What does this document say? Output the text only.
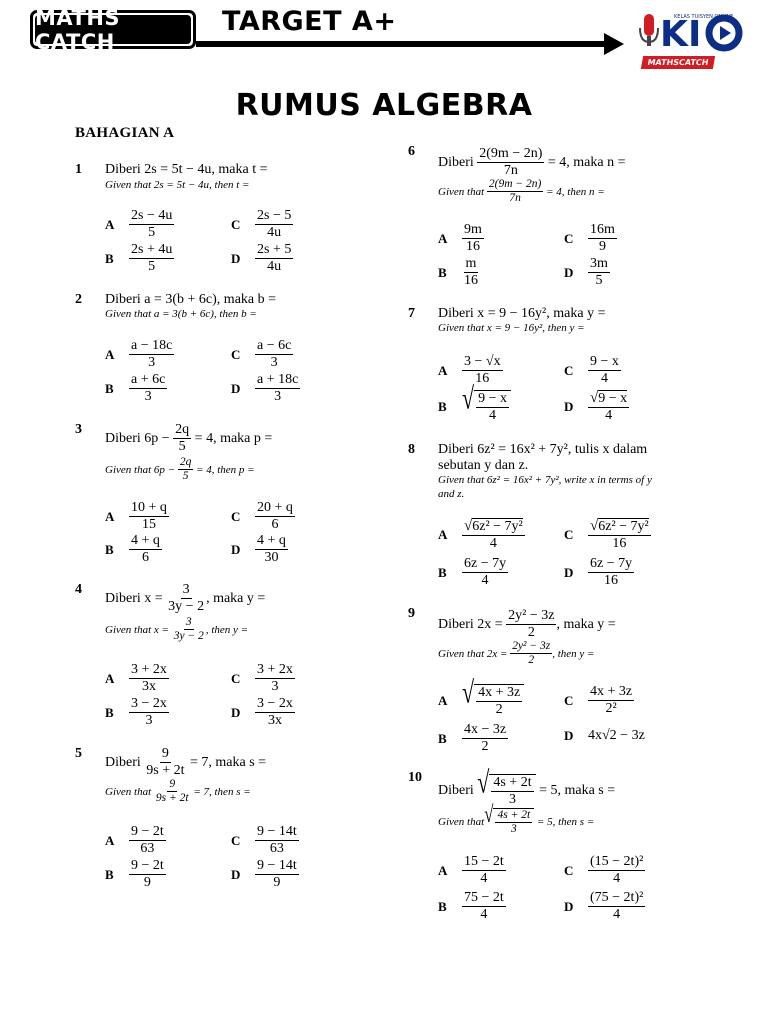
MATHS CATCH
TARGET A+	K I
KELAS TUISYEN ONLINE
MATHSCATCH
RUMUS ALGEBRA
BAHAGIAN A
1 Diberi 2s = 5t − 4u, maka t =
Given that 2s = 5t − 4u, then t =
A	$\frac{2s - 4u}{5}$
B	$\frac{2s + 4u}{5}$
C	$\frac{2s - 5}{4u}$
D	$\frac{2s + 5}{4u}$
2 Diberi a = 3(b + 6c), maka b =
Given that a = 3(b + 6c), then b =
A	$\frac{a - 18c}{3}$
B	$\frac{a + 6c}{3}$
C	$\frac{a - 6c}{3}$
D	$\frac{a + 18c}{3}$
3
Diberi 6p −
$\frac{2q}{5}$
= 4, maka p =
Given that 6p −
$\frac{2q}{5}$
= 4, then p =
A	$\frac{10 + q}{15}$
B	$\frac{4 + q}{6}$
C	$\frac{20 + q}{6}$
D	$\frac{4 + q}{30}$
4
Diberi x =
$\frac{3}{3y - 2}$ , maka y =
Given that x =
$\frac{3}{3y - 2}$ , then y =
A	$\frac{3 + 2x}{3x}$
B	$\frac{3 - 2x}{3}$
C	$\frac{3 + 2x}{3}$
D	$\frac{3 - 2x}{3x}$
5
Diberi
$\frac{9}{9s + 2t}$
= 7, maka s =
Given that
$\frac{9}{9s + 2t}$
= 7, then s =
A	$\frac{9 - 2t}{63}$
B	$\frac{9 - 2t}{9}$
C	$\frac{9 - 14t}{63}$
D	$\frac{9 - 14t}{9}$
6
Diberi
$\frac{2(9m - 2n)}{7n}$
= 4, maka n =
Given that
$\frac{2(9m - 2n)}{7n}$
= 4, then n =
A	$\frac{9m}{16}$
B	$\frac{m}{16}$
C	$\frac{16m}{9}$
D	$\frac{3m}{5}$
7 Diberi x = 9 − 16y², maka y =
Given that x = 9 − 16y², then y =
A	$\frac{3 - √x}{16}$
B √ $\frac{9 - x}{4}$
C	$\frac{9 - x}{4}$
D $\frac{√9 - x}{4}$
8 Diberi 6z² = 16x² + 7y², tulis x dalam
sebutan y dan z.
Given that 6z² = 16x² + 7y², write x in terms of y
and z.
A $\frac{\text{√6z² − 7y²}}{4}$
B	$\frac{6z - 7y}{4}$
C $\frac{\text{√6z² − 7y²}}{16}$
D	$\frac{6z - 7y}{16}$
9
Diberi 2x =
$\frac{\text{2y² − 3z}}{2}$ , maka y =
Given that 2x =
$\frac{\text{2y² − 3z}}{2}$ , then y =
A √ $\frac{4x + 3z}{2}$
B	$\frac{4x - 3z}{2}$
C	$\frac{4x + 3z}{\text{2²}}$
D	4x√2 − 3z
10
Diberi
√ $\frac{4s + 2t}{3}$
= 5, maka s =
Given that √ $\frac{4s + 2t}{3}$
= 5, then s =
A	$\frac{15 - 2t}{4}$
B	$\frac{75 - 2t}{4}$
C	$\frac{\text{(15 − 2t)²}}{4}$
D	$\frac{\text{(75 − 2t)²}}{4}$
